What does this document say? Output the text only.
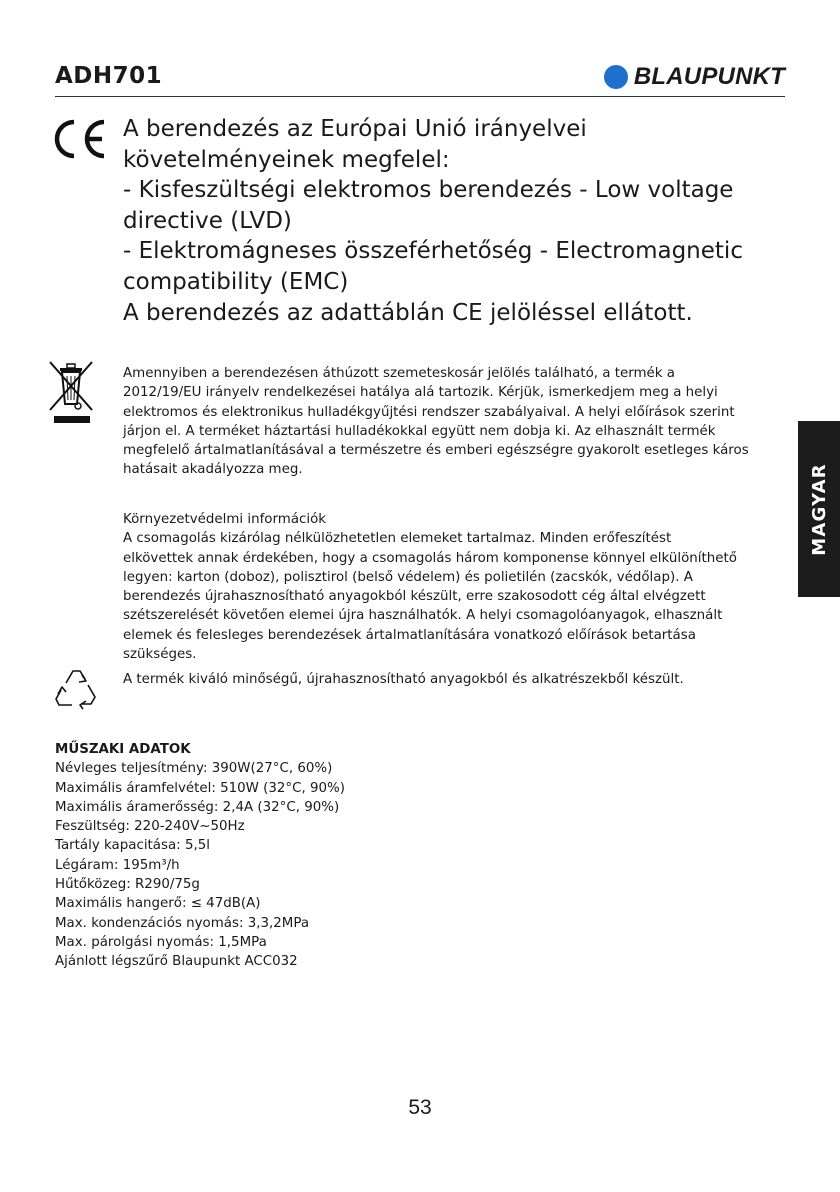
ADH701	BLAUPUNKT
A berendezés az Európai Unió irányelvei
követelményeinek megfelel:
- Kisfeszültségi elektromos berendezés - Low voltage
directive (LVD)
- Elektromágneses összeférhetőség - Electromagnetic
compatibility (EMC)
A berendezés az adattáblán CE jelöléssel ellátott.
Amennyiben a berendezésen áthúzott szemeteskosár jelölés található, a termék a
2012/19/EU irányelv rendelkezései hatálya alá tartozik. Kérjük, ismerkedjem meg a helyi
elektromos és elektronikus hulladékgyűjtési rendszer szabályaival. A helyi előírások szerint
járjon el. A terméket háztartási hulladékokkal együtt nem dobja ki. Az elhasznált termék
megfelelő ártalmatlanításával a természetre és emberi egészségre gyakorolt esetleges káros
hatásait akadályozza meg.
Környezetvédelmi információk
A csomagolás kizárólag nélkülözhetetlen elemeket tartalmaz. Minden erőfeszítést
elkövettek annak érdekében, hogy a csomagolás három komponense könnyel elkülöníthető
legyen: karton (doboz), polisztirol (belső védelem) és polietilén (zacskók, védőlap). A
berendezés újrahasznosítható anyagokból készült, erre szakosodott cég által elvégzett
szétszerelését követően elemei újra használhatók. A helyi csomagolóanyagok, elhasznált
elemek és felesleges berendezések ártalmatlanítására vonatkozó előírások betartása
szükséges.
A termék kiváló minőségű, újrahasznosítható anyagokból és alkatrészekből készült.
MAGYAR
MŰSZAKI ADATOK
Névleges teljesítmény: 390W(27°C, 60%)
Maximális áramfelvétel: 510W (32°C, 90%)
Maximális áramerősség: 2,4A (32°C, 90%)
Feszültség: 220-240V~50Hz
Tartály kapacitása: 5,5l
Légáram: 195m³/h
Hűtőközeg: R290/75g
Maximális hangerő: ≤ 47dB(A)
Max. kondenzációs nyomás: 3,3,2MPa
Max. párolgási nyomás: 1,5MPa
Ajánlott légszűrő Blaupunkt ACC032
53
